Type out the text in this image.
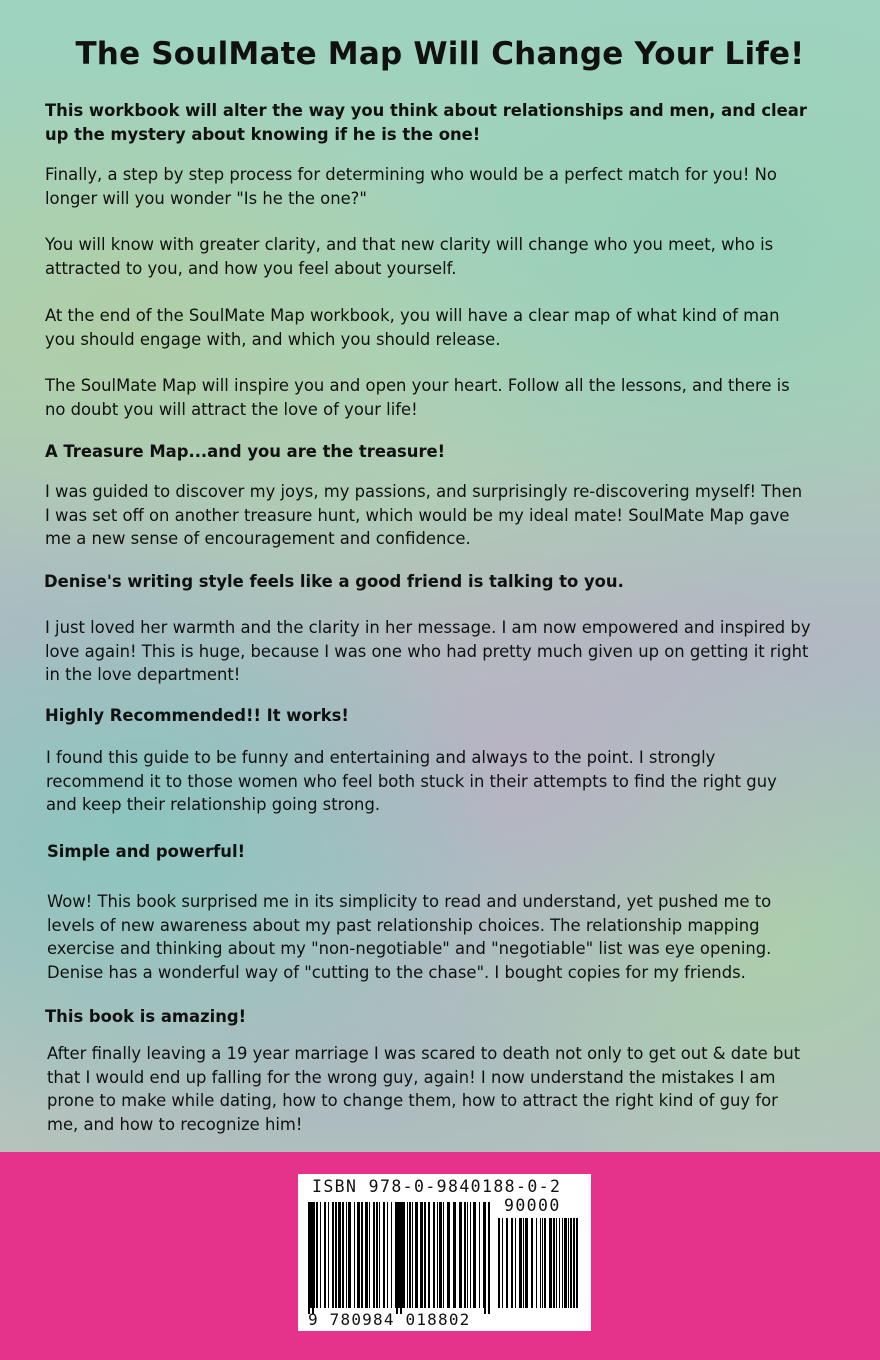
The SoulMate Map Will Change Your Life!
This workbook will alter the way you think about relationships and men, and clear
up the mystery about knowing if he is the one!
Finally, a step by step process for determining who would be a perfect match for you! No
longer will you wonder "Is he the one?"
You will know with greater clarity, and that new clarity will change who you meet, who is
attracted to you, and how you feel about yourself.
At the end of the SoulMate Map workbook, you will have a clear map of what kind of man
you should engage with, and which you should release.
The SoulMate Map will inspire you and open your heart. Follow all the lessons, and there is
no doubt you will attract the love of your life!
A Treasure Map...and you are the treasure!
I was guided to discover my joys, my passions, and surprisingly re-discovering myself! Then
I was set off on another treasure hunt, which would be my ideal mate! SoulMate Map gave
me a new sense of encouragement and confidence.
Denise's writing style feels like a good friend is talking to you.
I just loved her warmth and the clarity in her message. I am now empowered and inspired by
love again! This is huge, because I was one who had pretty much given up on getting it right
in the love department!
Highly Recommended!! It works!
I found this guide to be funny and entertaining and always to the point. I strongly
recommend it to those women who feel both stuck in their attempts to find the right guy
and keep their relationship going strong.
Simple and powerful!
Wow! This book surprised me in its simplicity to read and understand, yet pushed me to
levels of new awareness about my past relationship choices. The relationship mapping
exercise and thinking about my "non-negotiable" and "negotiable" list was eye opening.
Denise has a wonderful way of "cutting to the chase". I bought copies for my friends.
This book is amazing!
After finally leaving a 19 year marriage I was scared to death not only to get out & date but
that I would end up falling for the wrong guy, again! I now understand the mistakes I am
prone to make while dating, how to change them, how to attract the right kind of guy for
me, and how to recognize him!
ISBN 978-0-9840188-0-2
90000
9 780984 018802
